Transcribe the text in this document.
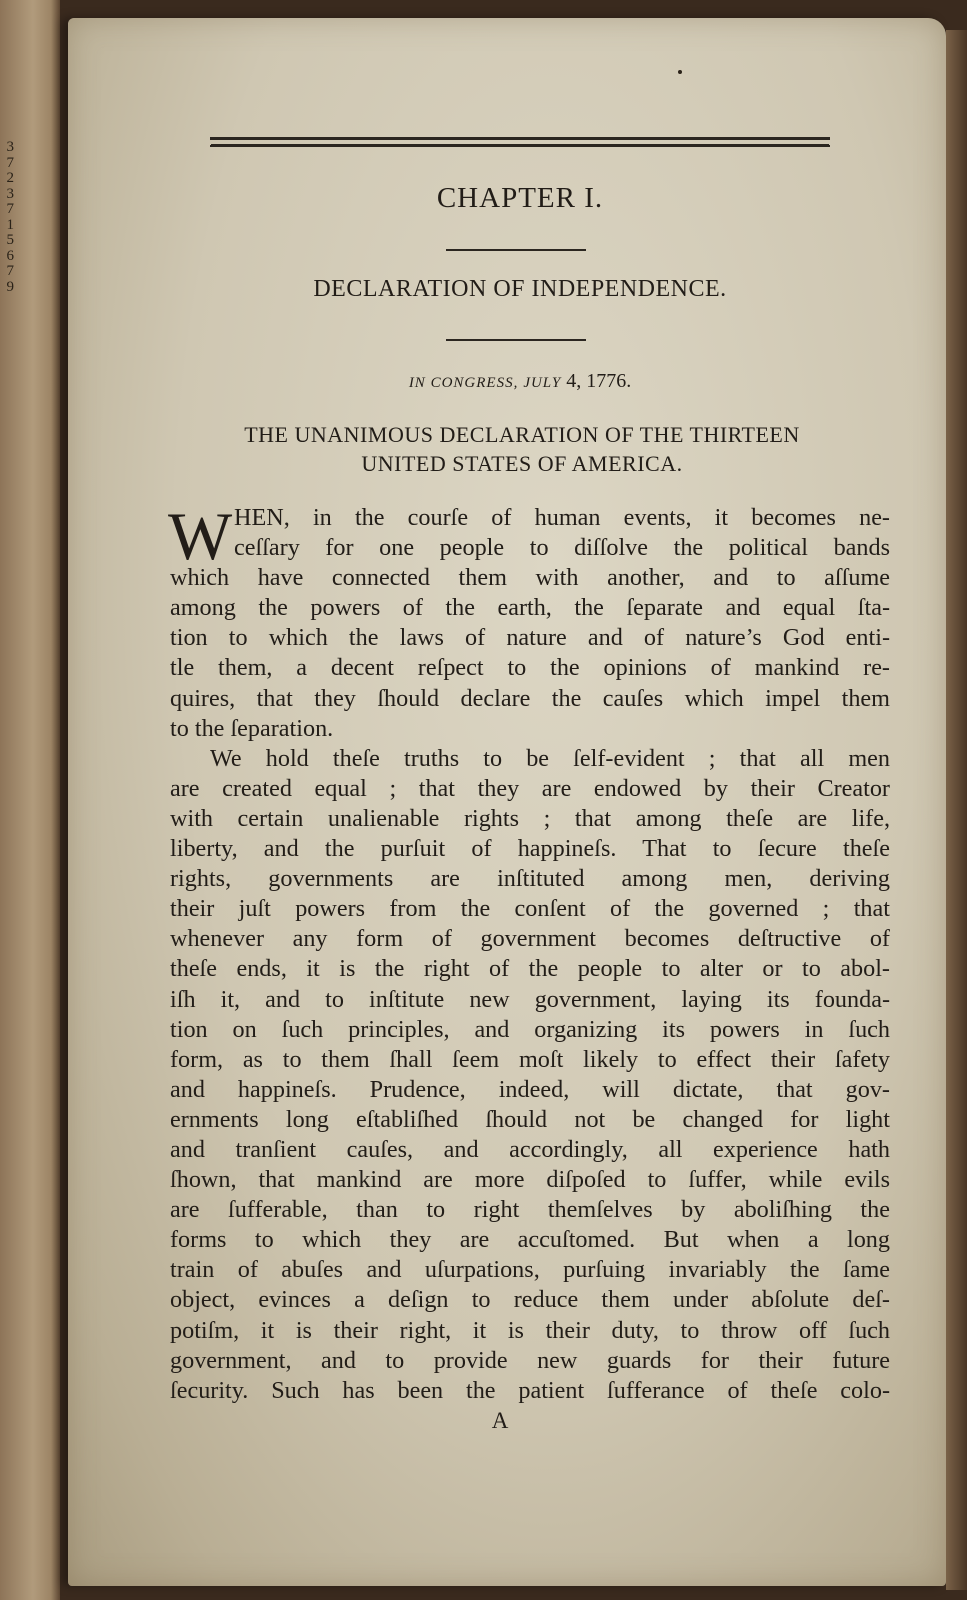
3
7
2
3
7
1
5
6
7
9
CHAPTER I.
DECLARATION OF INDEPENDENCE.
IN CONGRESS, JULY 4, 1776.
THE UNANIMOUS DECLARATION OF THE THIRTEEN
UNITED STATES OF AMERICA.
W HEN, in the courſe of human events, it becomes ne-
ceſſary for one people to diſſolve the political bands
which have connected them with another, and to aſſume
among the powers of the earth, the ſeparate and equal ſta-
tion to which the laws of nature and of nature’s God enti-
tle them, a decent reſpect to the opinions of mankind re-
quires, that they ſhould declare the cauſes which impel them
to the ſeparation.
We hold theſe truths to be ſelf-evident ; that all men
are created equal ; that they are endowed by their Creator
with certain unalienable rights ; that among theſe are life,
liberty, and the purſuit of happineſs. That to ſecure theſe
rights, governments are inſtituted among men, deriving
their juſt powers from the conſent of the governed ; that
whenever any form of government becomes deſtructive of
theſe ends, it is the right of the people to alter or to abol-
iſh it, and to inſtitute new government, laying its founda-
tion on ſuch principles, and organizing its powers in ſuch
form, as to them ſhall ſeem moſt likely to effect their ſafety
and happineſs. Prudence, indeed, will dictate, that gov-
ernments long eſtabliſhed ſhould not be changed for light
and tranſient cauſes, and accordingly, all experience hath
ſhown, that mankind are more diſpoſed to ſuffer, while evils
are ſufferable, than to right themſelves by aboliſhing the
forms to which they are accuſtomed. But when a long
train of abuſes and uſurpations, purſuing invariably the ſame
object, evinces a deſign to reduce them under abſolute deſ-
potiſm, it is their right, it is their duty, to throw off ſuch
government, and to provide new guards for their future
ſecurity. Such has been the patient ſufferance of theſe colo-
A
